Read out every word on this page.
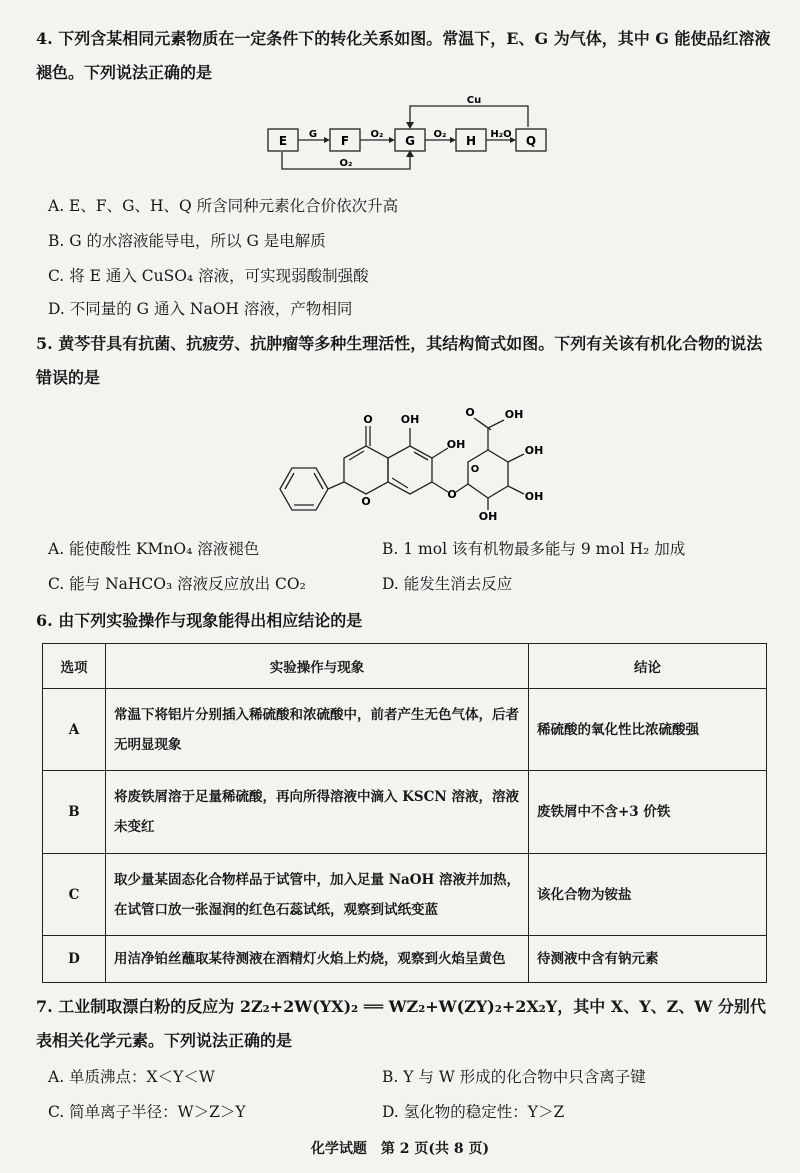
4. 下列含某相同元素物质在一定条件下的转化关系如图。常温下，E、G 为气体，其中 G 能使品红溶液褪色。下列说法正确的是
Cu
O₂
E	F	G	H	Q
G	O₂	O₂	H₂O
A. E、F、G、H、Q 所含同种元素化合价依次升高
B. G 的水溶液能导电，所以 G 是电解质
C. 将 E 通入 CuSO₄ 溶液，可实现弱酸制强酸
D. 不同量的 G 通入 NaOH 溶液，产物相同
5. 黄芩苷具有抗菌、抗疲劳、抗肿瘤等多种生理活性，其结构简式如图。下列有关该有机化合物的说法错误的是
O
O
OH
OH
O
O
O	OH
OH
OH
OH
A. 能使酸性 KMnO₄ 溶液褪色	B. 1 mol 该有机物最多能与 9 mol H₂ 加成
C. 能与 NaHCO₃ 溶液反应放出 CO₂	D. 能发生消去反应
6. 由下列实验操作与现象能得出相应结论的是
选项	实验操作与现象	结论
A	常温下将铝片分别插入稀硫酸和浓硫酸中，前者产生无色气体，后者无明显现象	稀硫酸的氧化性比浓硫酸强
B	将废铁屑溶于足量稀硫酸，再向所得溶液中滴入 KSCN 溶液，溶液未变红	废铁屑中不含+3 价铁
C	取少量某固态化合物样品于试管中，加入足量 NaOH 溶液并加热，在试管口放一张湿润的红色石蕊试纸，观察到试纸变蓝	该化合物为铵盐
D	用洁净铂丝蘸取某待测液在酒精灯火焰上灼烧，观察到火焰呈黄色	待测液中含有钠元素
7. 工业制取漂白粉的反应为 2Z₂+2W(YX)₂ ══ WZ₂+W(ZY)₂+2X₂Y，其中 X、Y、Z、W 分别代表相关化学元素。下列说法正确的是
A. 单质沸点：X＜Y＜W	B. Y 与 W 形成的化合物中只含离子键
C. 简单离子半径：W＞Z＞Y	D. 氢化物的稳定性：Y＞Z
化学试题　第 2 页(共 8 页)
